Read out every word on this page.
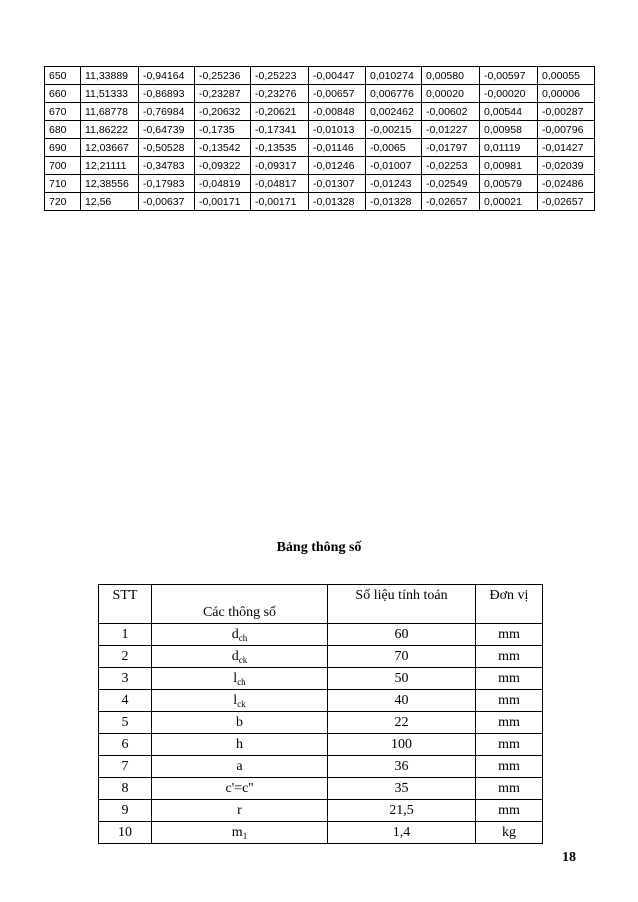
650	11,33889	-0,94164	-0,25236	-0,25223	-0,00447	0,010274	0,00580	-0,00597	0,00055
660	11,51333	-0,86893	-0,23287	-0,23276	-0,00657	0,006776	0,00020	-0,00020	0,00006
670	11,68778	-0,76984	-0,20632	-0,20621	-0,00848	0,002462	-0,00602	0,00544	-0,00287
680	11,86222	-0,64739	-0,1735	-0,17341	-0,01013	-0,00215	-0,01227	0,00958	-0,00796
690	12,03667	-0,50528	-0,13542	-0,13535	-0,01146	-0,0065	-0,01797	0,01119	-0,01427
700	12,21111	-0,34783	-0,09322	-0,09317	-0,01246	-0,01007	-0,02253	0,00981	-0,02039
710	12,38556	-0,17983	-0,04819	-0,04817	-0,01307	-0,01243	-0,02549	0,00579	-0,02486
720	12,56	-0,00637	-0,00171	-0,00171	-0,01328	-0,01328	-0,02657	0,00021	-0,02657
Bảng thông số
STT	Các thông số	Số liệu tính toán	Đơn vị
1	$d_{ch}$	60	mm
2	$d_{ck}$	70	mm
3	$l_{ch}$	50	mm
4	$l_{ck}$	40	mm
5	b	22	mm
6	h	100	mm
7	a	36	mm
8	c'=c''	35	mm
9	r	21,5	mm
10	$m_1$	1,4	kg
18
